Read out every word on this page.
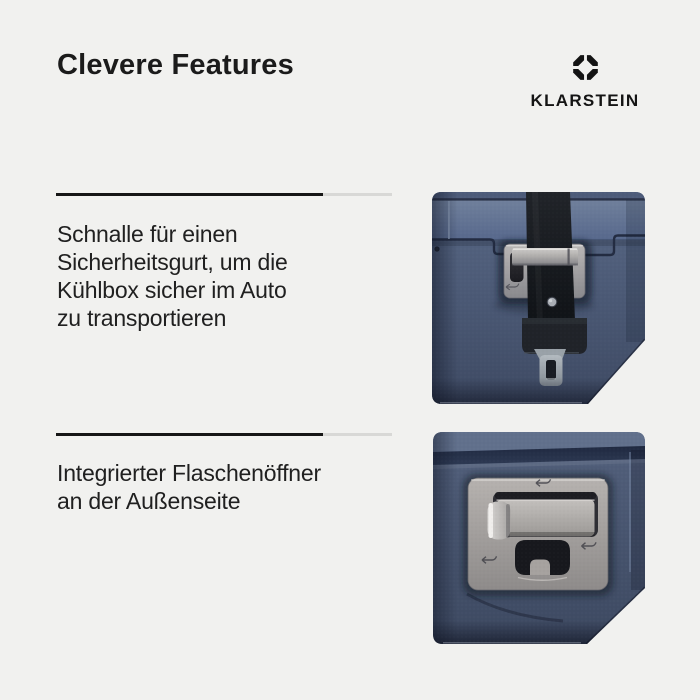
Clevere Features
KLARSTEIN
Schnalle für einen
Sicherheitsgurt, um die
Kühlbox sicher im Auto
zu transportieren
Integrierter Flaschenöffner
an der Außenseite
